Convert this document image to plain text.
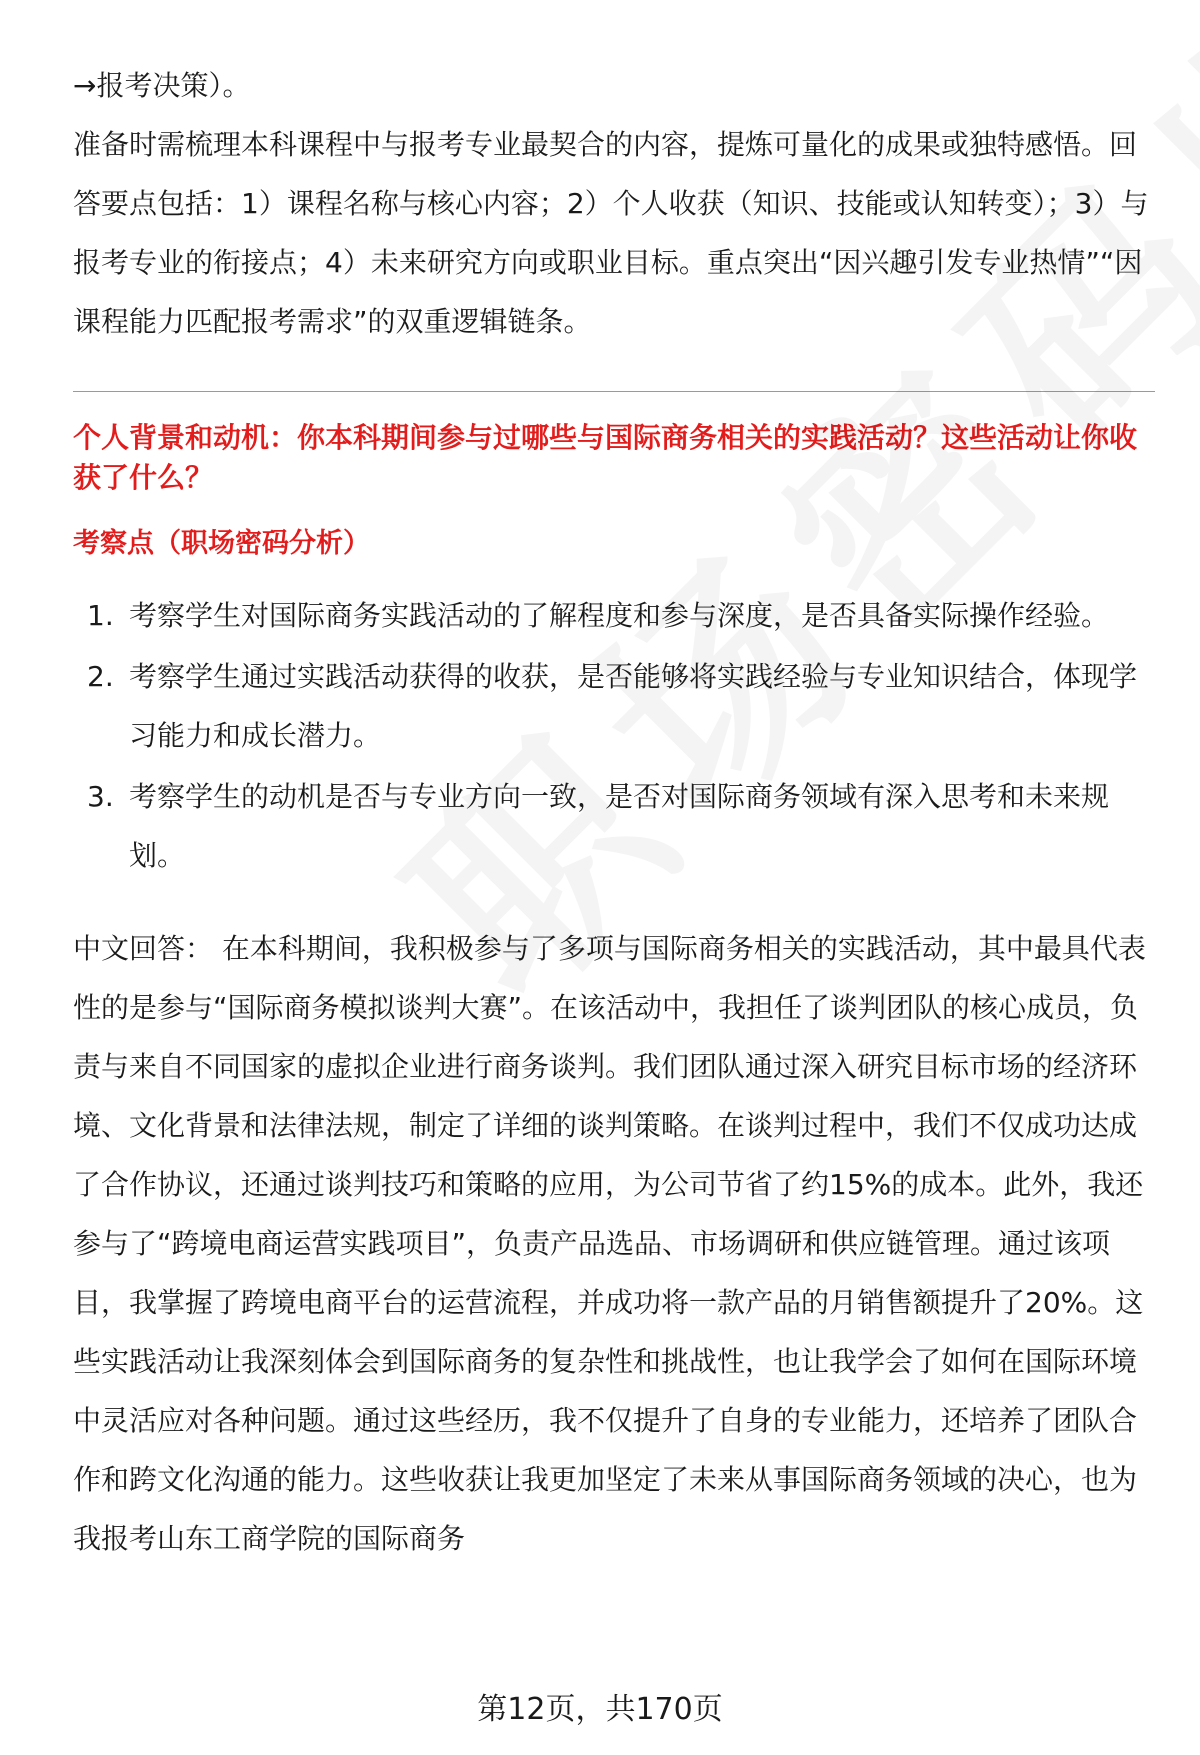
→报考决策）。

准备时需梳理本科课程中与报考专业最契合的内容，提炼可量化的成果或独特感悟。回答要点包括：1）课程名称与核心内容；2）个人收获（知识、技能或认知转变）；3）与报考专业的衔接点；4）未来研究方向或职业目标。重点突出“因兴趣引发专业热情”“因课程能力匹配报考需求”的双重逻辑链条。

个人背景和动机：你本科期间参与过哪些与国际商务相关的实践活动？这些活动让你收获了什么？

考察点（职场密码分析）

1. 考察学生对国际商务实践活动的了解程度和参与深度，是否具备实际操作经验。
2. 考察学生通过实践活动获得的收获，是否能够将实践经验与专业知识结合，体现学习能力和成长潜力。
3. 考察学生的动机是否与专业方向一致，是否对国际商务领域有深入思考和未来规划。

中文回答： 在本科期间，我积极参与了多项与国际商务相关的实践活动，其中最具代表性的是参与“国际商务模拟谈判大赛”。在该活动中，我担任了谈判团队的核心成员，负责与来自不同国家的虚拟企业进行商务谈判。我们团队通过深入研究目标市场的经济环境、文化背景和法律法规，制定了详细的谈判策略。在谈判过程中，我们不仅成功达成了合作协议，还通过谈判技巧和策略的应用，为公司节省了约15%的成本。此外，我还参与了“跨境电商运营实践项目”，负责产品选品、市场调研和供应链管理。通过该项目，我掌握了跨境电商平台的运营流程，并成功将一款产品的月销售额提升了20%。这些实践活动让我深刻体会到国际商务的复杂性和挑战性，也让我学会了如何在国际环境中灵活应对各种问题。通过这些经历，我不仅提升了自身的专业能力，还培养了团队合作和跨文化沟通的能力。这些收获让我更加坚定了未来从事国际商务领域的决心，也为我报考山东工商学院的国际商务

第12页，共170页
